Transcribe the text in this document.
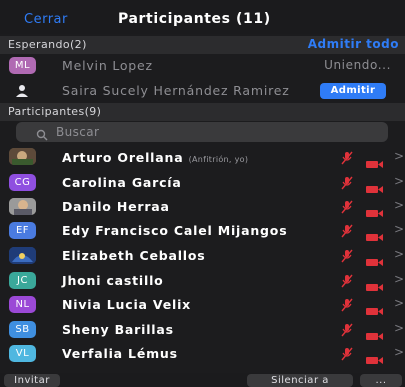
Cerrar	Participantes (11)
Esperando(2)	Admitir todo
ML	Melvin Lopez	Uniendo...
Saira Sucely Hernández Ramirez	Admitir
Participantes(9)
Buscar
Arturo Orellana (Anfitrión, yo)	>
CG	Carolina García	>
Danilo Herraa	>
EF	Edy Francisco Calel Mijangos	>
Elizabeth Ceballos	>
JC	Jhoni castillo	>
NL	Nivia Lucia Velix	>
SB	Sheny Barillas	>
VL	Verfalia Lémus	>
Invitar	Silenciar a	...
